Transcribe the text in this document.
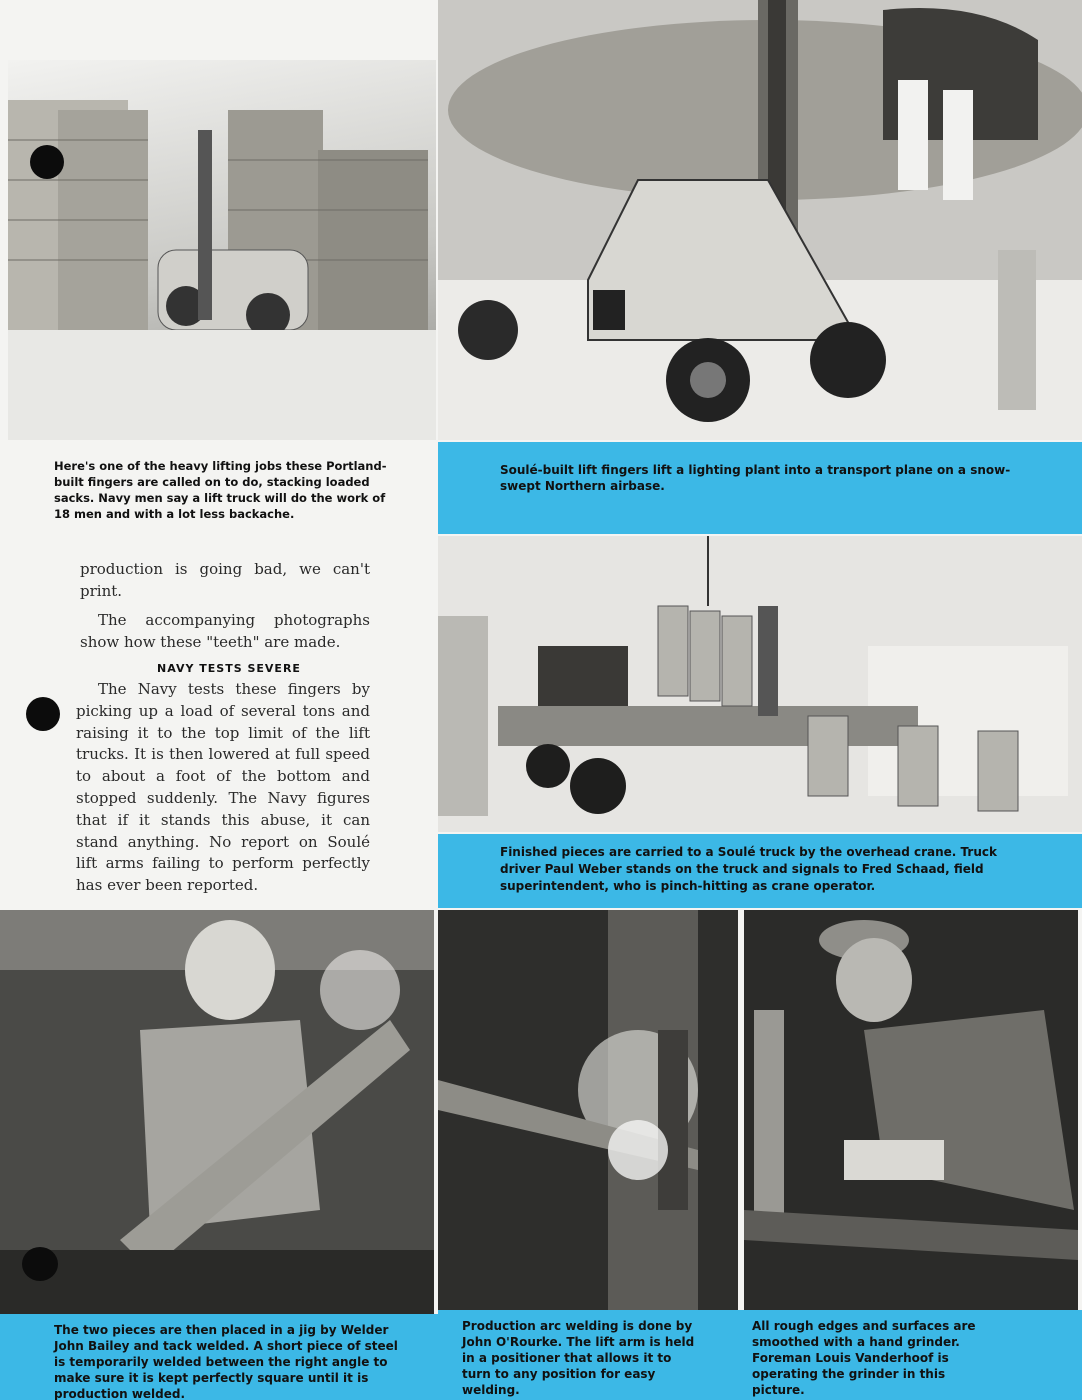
Here's one of the heavy lifting jobs these Portland-built fingers are called on to do, stacking loaded sacks. Navy men say a lift truck will do the work of 18 men and with a lot less backache.
Soulé-built lift fingers lift a lighting plant into a transport plane on a snow-swept Northern airbase.
production is going bad, we can't print.
The accompanying photographs show how these "teeth" are made.
NAVY TESTS SEVERE
The Navy tests these fingers by picking up a load of several tons and raising it to the top limit of the lift trucks. It is then lowered at full speed to about a foot of the bottom and stopped suddenly. The Navy figures that if it stands this abuse, it can stand anything. No report on Soulé lift arms failing to perform perfectly has ever been reported.
Finished pieces are carried to a Soulé truck by the overhead crane. Truck driver Paul Weber stands on the truck and signals to Fred Schaad, field superintendent, who is pinch-hitting as crane operator.
The two pieces are then placed in a jig by Welder John Bailey and tack welded. A short piece of steel is temporarily welded between the right angle to make sure it is kept perfectly square until it is production welded.
Production arc welding is done by John O'Rourke. The lift arm is held in a positioner that allows it to turn to any position for easy welding.
All rough edges and surfaces are smoothed with a hand grinder. Foreman Louis Vanderhoof is operating the grinder in this picture.
